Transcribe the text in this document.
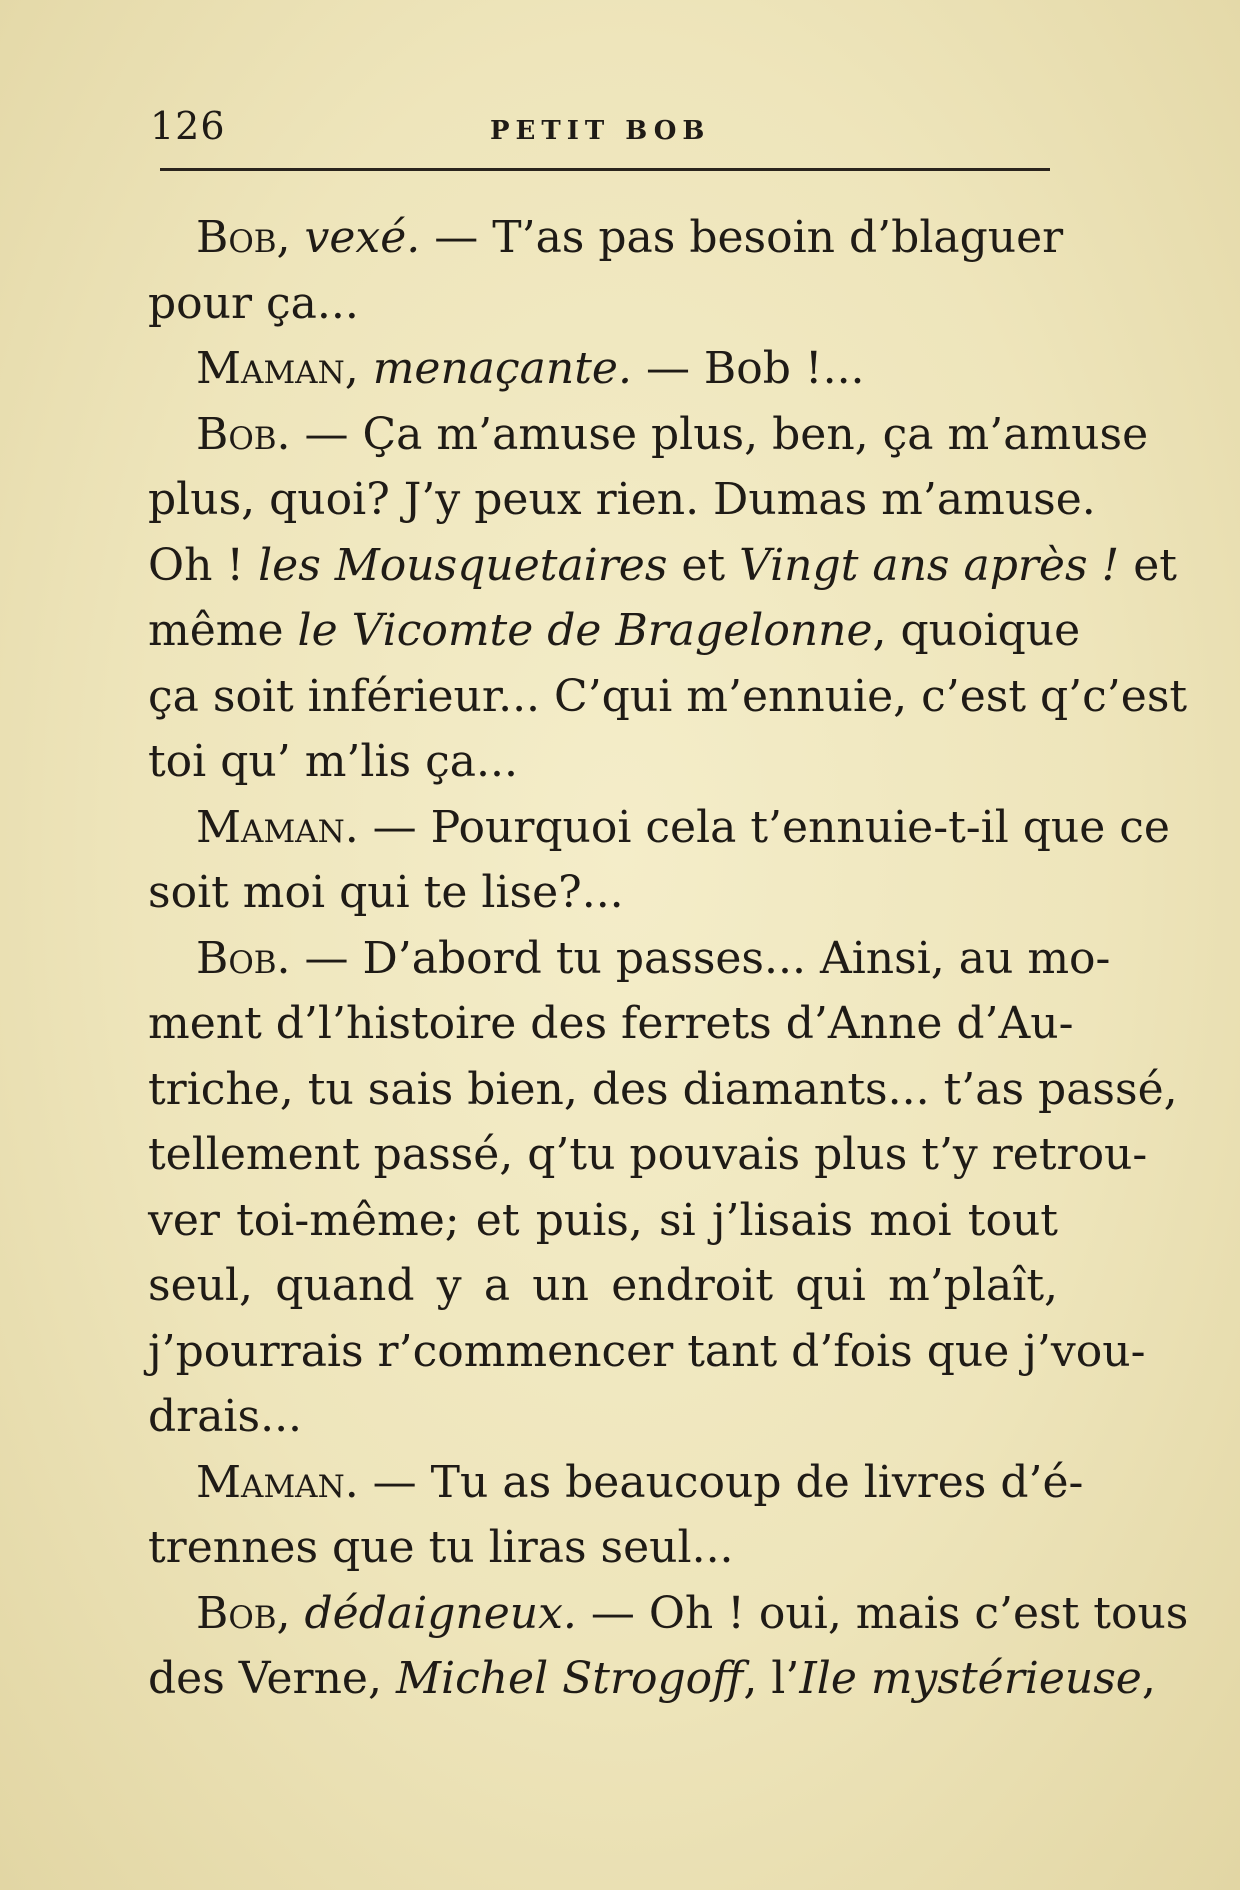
126	PETIT BOB
Bob, vexé. — T’as pas besoin d’blaguer
pour ça...
Maman, menaçante. — Bob !...
Bob. — Ça m’amuse plus, ben, ça m’amuse
plus, quoi? J’y peux rien. Dumas m’amuse.
Oh ! les Mousquetaires et Vingt ans après ! et
même le Vicomte de Bragelonne, quoique
ça soit inférieur... C’qui m’ennuie, c’est q’c’est
toi qu’ m’lis ça...
Maman. — Pourquoi cela t’ennuie-t-il que ce
soit moi qui te lise?...
Bob. — D’abord tu passes... Ainsi, au mo-
ment d’l’histoire des ferrets d’Anne d’Au-
triche, tu sais bien, des diamants... t’as passé,
tellement passé, q’tu pouvais plus t’y retrou-
ver toi-même; et puis, si j’lisais moi tout
seul, quand y a un endroit qui m’plaît,
j’pourrais r’commencer tant d’fois que j’vou-
drais...
Maman. — Tu as beaucoup de livres d’é-
trennes que tu liras seul...
Bob, dédaigneux. — Oh ! oui, mais c’est tous
des Verne, Michel Strogoff, l’Ile mystérieuse,
